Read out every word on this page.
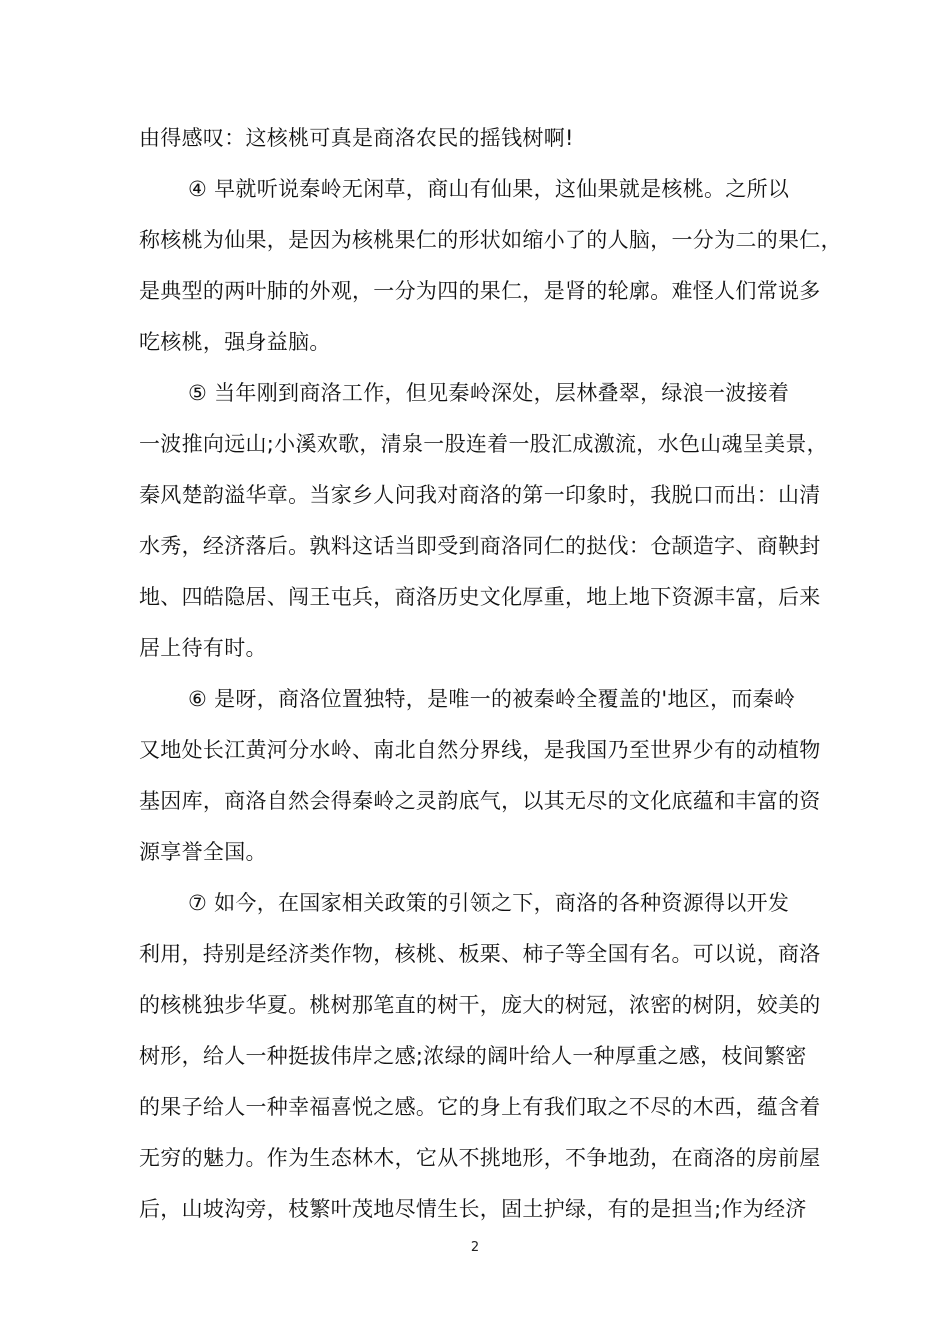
由得感叹：这核桃可真是商洛农民的摇钱树啊!
④ 早就听说秦岭无闲草，商山有仙果，这仙果就是核桃。之所以
称核桃为仙果，是因为核桃果仁的形状如缩小了的人脑，一分为二的果仁，
是典型的两叶肺的外观，一分为四的果仁，是肾的轮廓。难怪人们常说多
吃核桃，强身益脑。
⑤ 当年刚到商洛工作，但见秦岭深处，层林叠翠，绿浪一波接着
一波推向远山;小溪欢歌，清泉一股连着一股汇成激流，水色山魂呈美景，
秦风楚韵溢华章。当家乡人问我对商洛的第一印象时，我脱口而出：山清
水秀，经济落后。孰料这话当即受到商洛同仁的挞伐：仓颉造字、商鞅封
地、四皓隐居、闯王屯兵，商洛历史文化厚重，地上地下资源丰富，后来
居上待有时。
⑥ 是呀，商洛位置独特，是唯一的被秦岭全覆盖的'地区，而秦岭
又地处长江黄河分水岭、南北自然分界线，是我国乃至世界少有的动植物
基因库，商洛自然会得秦岭之灵韵底气，以其无尽的文化底蕴和丰富的资
源享誉全国。
⑦ 如今，在国家相关政策的引领之下，商洛的各种资源得以开发
利用，持别是经济类作物，核桃、板栗、柿子等全国有名。可以说，商洛
的核桃独步华夏。桃树那笔直的树干，庞大的树冠，浓密的树阴，姣美的
树形，给人一种挺拔伟岸之感;浓绿的阔叶给人一种厚重之感，枝间繁密
的果子给人一种幸福喜悦之感。它的身上有我们取之不尽的木西，蕴含着
无穷的魅力。作为生态林木，它从不挑地形，不争地劲，在商洛的房前屋
后，山坡沟旁，枝繁叶茂地尽情生长，固土护绿，有的是担当;作为经济
2
